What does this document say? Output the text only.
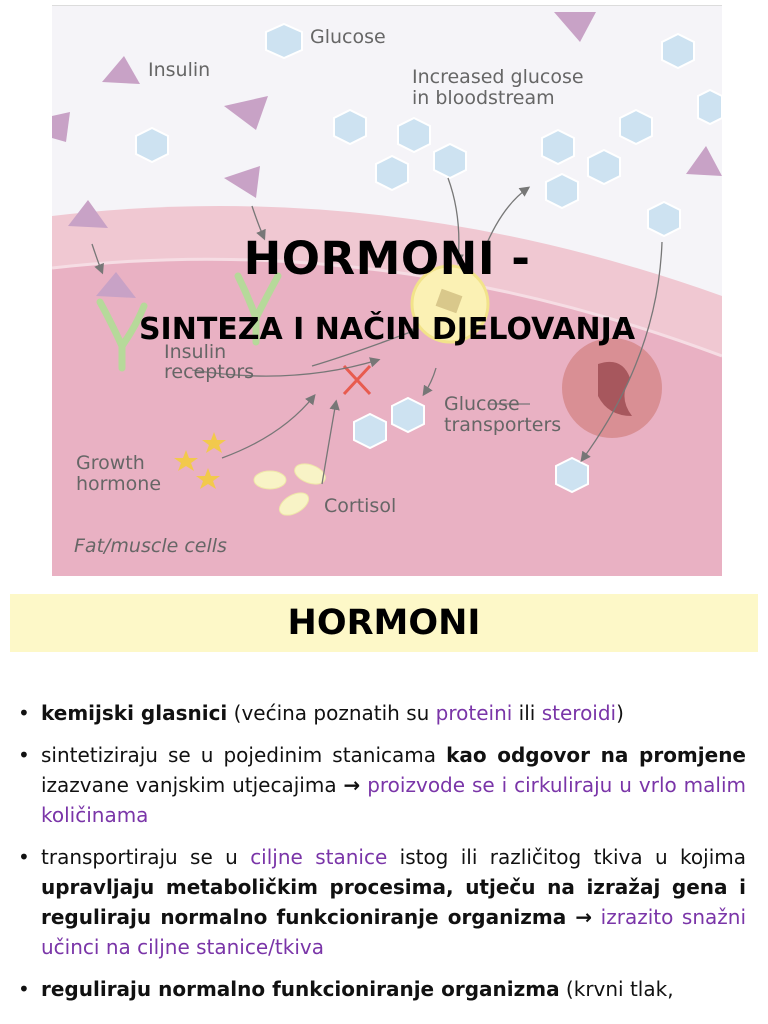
Glucose
Insulin	Increased glucose
in bloodstream
Insulin
receptors
Glucose
transporters
Growth
hormone
Cortisol
Fat/muscle cells
HORMONI -
SINTEZA I NAČIN DJELOVANJA
HORMONI
• kemijski glasnici (većina poznatih su proteini ili steroidi)
• sintetiziraju se u pojedinim stanicama kao odgovor na promjene izazvane vanjskim utjecajima → proizvode se i cirkuliraju u vrlo malim količinama
• transportiraju se u ciljne stanice istog ili različitog tkiva u kojima upravljaju metaboličkim procesima, utječu na izražaj gena i reguliraju normalno funkcioniranje organizma → izrazito snažni učinci na ciljne stanice/tkiva
• reguliraju normalno funkcioniranje organizma (krvni tlak,
